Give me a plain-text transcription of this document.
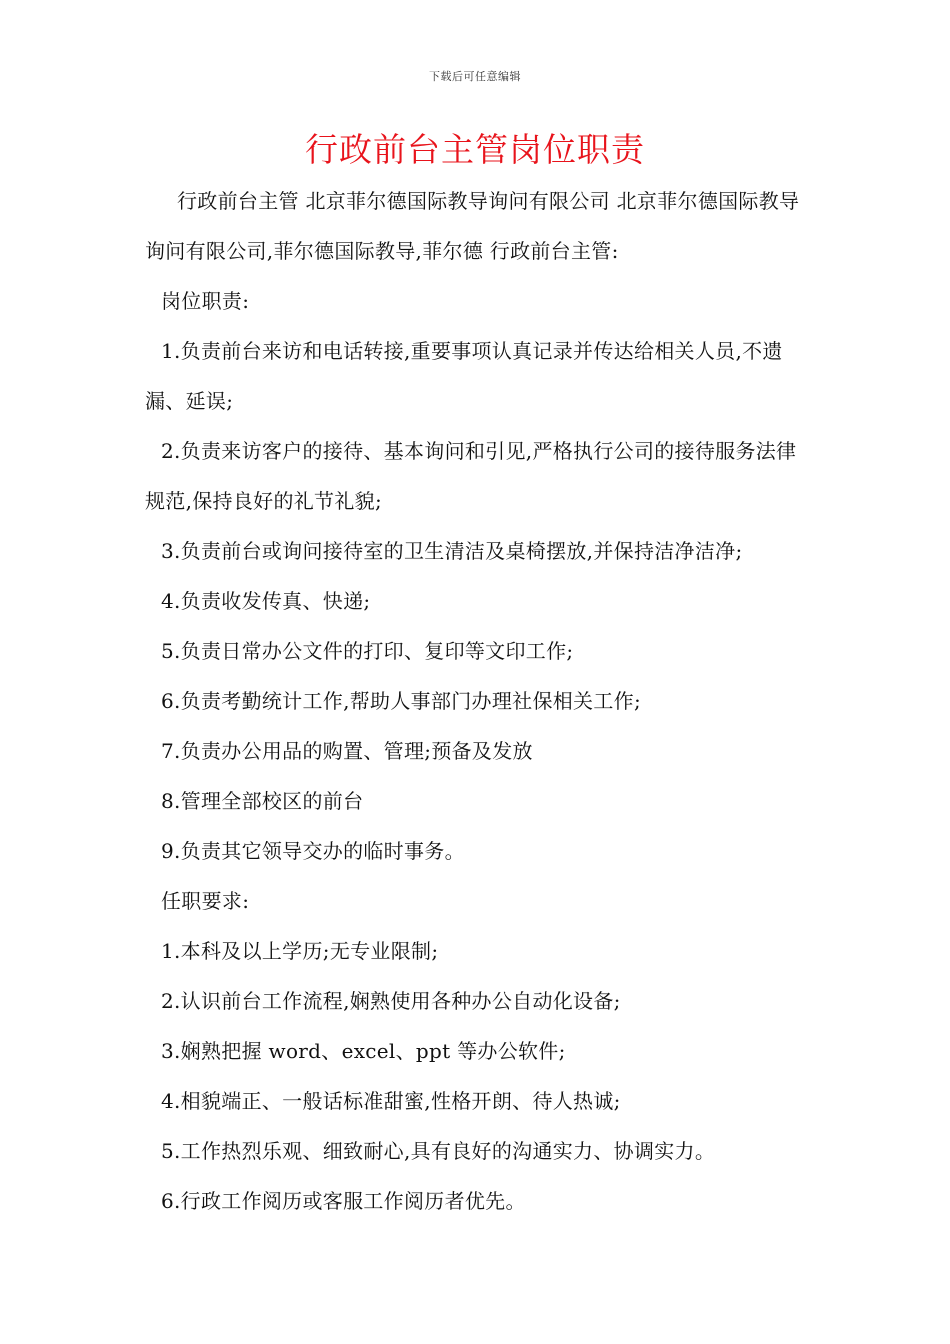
下载后可任意编辑
行政前台主管岗位职责

行政前台主管 北京菲尔德国际教导询问有限公司 北京菲尔德国际教导询问有限公司,菲尔德国际教导,菲尔德 行政前台主管:

岗位职责:

1.负责前台来访和电话转接,重要事项认真记录并传达给相关人员,不遗漏、延误;

2.负责来访客户的接待、基本询问和引见,严格执行公司的接待服务法律规范,保持良好的礼节礼貌;

3.负责前台或询问接待室的卫生清洁及桌椅摆放,并保持洁净洁净;

4.负责收发传真、快递;

5.负责日常办公文件的打印、复印等文印工作;

6.负责考勤统计工作,帮助人事部门办理社保相关工作;

7.负责办公用品的购置、管理;预备及发放

8.管理全部校区的前台

9.负责其它领导交办的临时事务。

任职要求:

1.本科及以上学历;无专业限制;

2.认识前台工作流程,娴熟使用各种办公自动化设备;

3.娴熟把握 word、excel、ppt 等办公软件;

4.相貌端正、一般话标准甜蜜,性格开朗、待人热诚;

5.工作热烈乐观、细致耐心,具有良好的沟通实力、协调实力。

6.行政工作阅历或客服工作阅历者优先。
